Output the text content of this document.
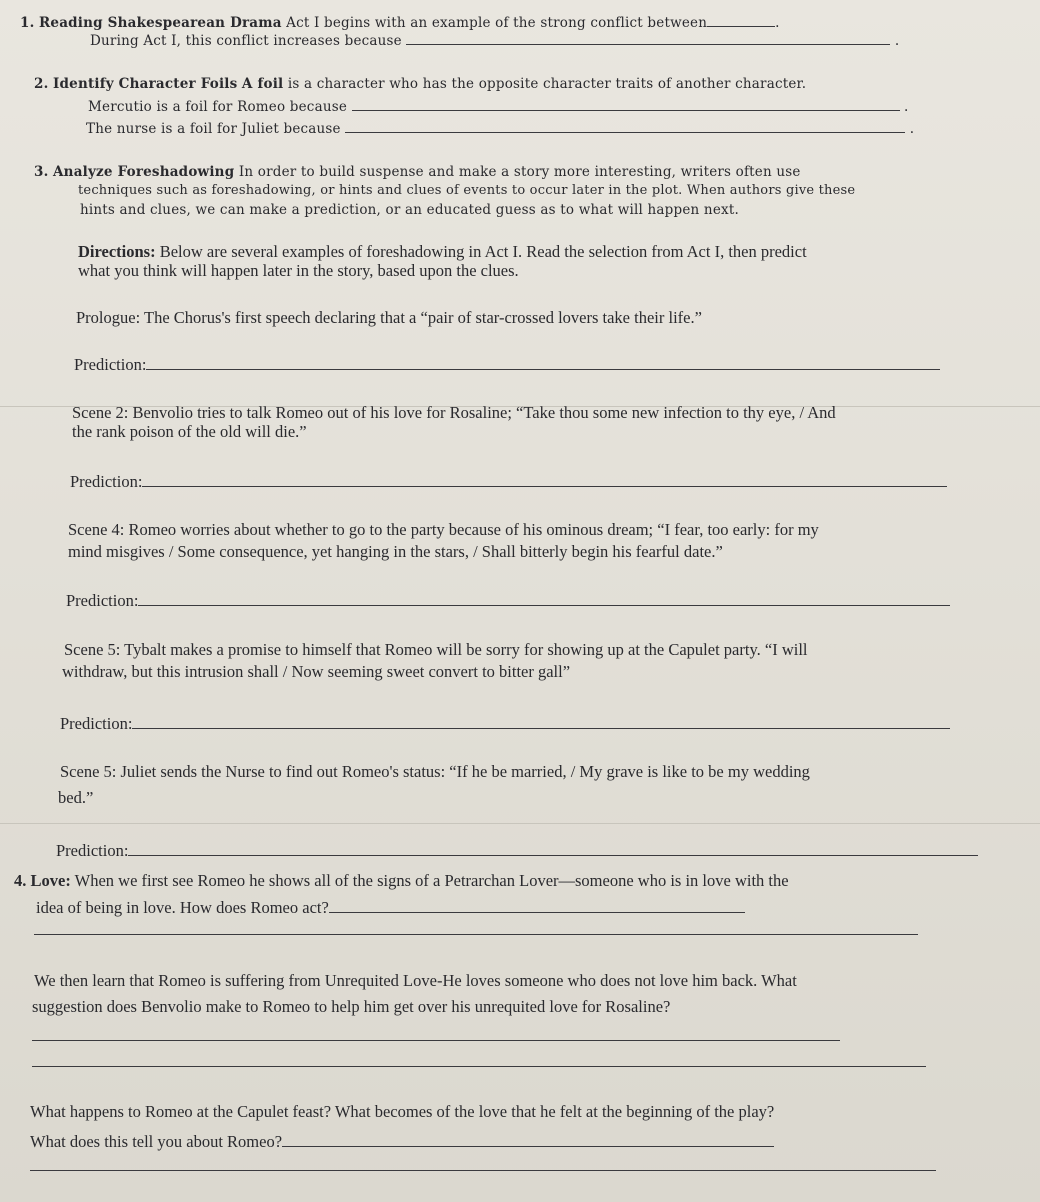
1. Reading Shakespearean Drama Act I begins with an example of the strong conflict between	.
During Act I, this conflict increases because	.
2. Identify Character Foils A foil is a character who has the opposite character traits of another character.
Mercutio is a foil for Romeo because	.
The nurse is a foil for Juliet because	.
3. Analyze Foreshadowing In order to build suspense and make a story more interesting, writers often use
techniques such as foreshadowing, or hints and clues of events to occur later in the plot. When authors give these
hints and clues, we can make a prediction, or an educated guess as to what will happen next.
Directions: Below are several examples of foreshadowing in Act I. Read the selection from Act I, then predict
what you think will happen later in the story, based upon the clues.
Prologue: The Chorus's first speech declaring that a “pair of star-crossed lovers take their life.”
Prediction:
Scene 2: Benvolio tries to talk Romeo out of his love for Rosaline; “Take thou some new infection to thy eye, / And
the rank poison of the old will die.”
Prediction:
Scene 4: Romeo worries about whether to go to the party because of his ominous dream; “I fear, too early: for my
mind misgives / Some consequence, yet hanging in the stars, / Shall bitterly begin his fearful date.”
Prediction:
Scene 5: Tybalt makes a promise to himself that Romeo will be sorry for showing up at the Capulet party. “I will
withdraw, but this intrusion shall / Now seeming sweet convert to bitter gall”
Prediction:
Scene 5: Juliet sends the Nurse to find out Romeo's status: “If he be married, / My grave is like to be my wedding
bed.”
Prediction:
4. Love: When we first see Romeo he shows all of the signs of a Petrarchan Lover—someone who is in love with the
idea of being in love. How does Romeo act?
We then learn that Romeo is suffering from Unrequited Love-He loves someone who does not love him back. What
suggestion does Benvolio make to Romeo to help him get over his unrequited love for Rosaline?
What happens to Romeo at the Capulet feast? What becomes of the love that he felt at the beginning of the play?
What does this tell you about Romeo?
